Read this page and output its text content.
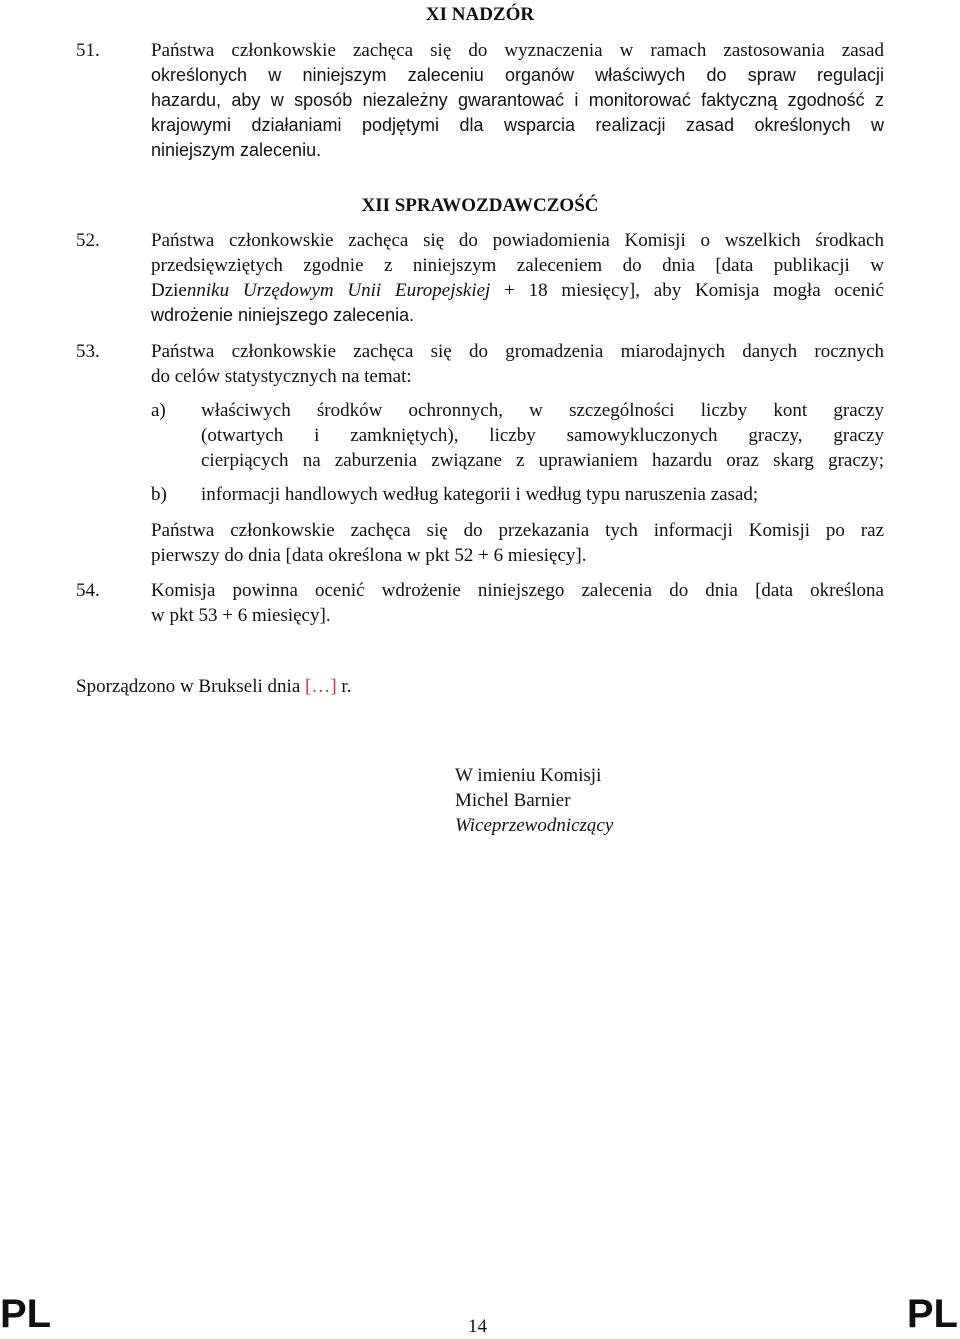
XI NADZÓR
51.	Państwa członkowskie zachęca się do wyznaczenia w ramach zastosowania zasad
określonych w niniejszym zaleceniu organów właściwych do spraw regulacji
hazardu, aby w sposób niezależny gwarantować i monitorować faktyczną zgodność z
krajowymi działaniami podjętymi dla wsparcia realizacji zasad określonych w
niniejszym zaleceniu.
XII SPRAWOZDAWCZOŚĆ
52.	Państwa członkowskie zachęca się do powiadomienia Komisji o wszelkich środkach
przedsięwziętych zgodnie z niniejszym zaleceniem do dnia [data publikacji w
Dzienniku Urzędowym Unii Europejskiej + 18 miesięcy], aby Komisja mogła ocenić
wdrożenie niniejszego zalecenia.
53.	Państwa członkowskie zachęca się do gromadzenia miarodajnych danych rocznych
do celów statystycznych na temat:
a) właściwych środków ochronnych, w szczególności liczby kont graczy
(otwartych i zamkniętych), liczby samowykluczonych graczy, graczy
cierpiących na zaburzenia związane z uprawianiem hazardu oraz skarg graczy;
b) informacji handlowych według kategorii i według typu naruszenia zasad;
Państwa członkowskie zachęca się do przekazania tych informacji Komisji po raz
pierwszy do dnia [data określona w pkt 52 + 6 miesięcy].
54.	Komisja powinna ocenić wdrożenie niniejszego zalecenia do dnia [data określona
w pkt 53 + 6 miesięcy].
Sporządzono w Brukseli dnia […] r.
W imieniu Komisji
Michel Barnier
Wiceprzewodniczący
PL	14	PL
